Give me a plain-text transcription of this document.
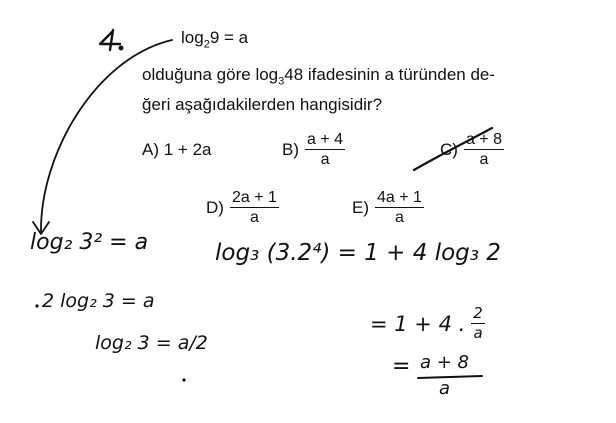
$\log_29 = a$
olduğuna göre $\log_348$ ifadesinin a türünden de-
ğeri aşağıdakilerden hangisidir?
A) 1 + 2a	$B) \frac{a + 4}{a}$	$C) \frac{a + 8}{a}$
$D) \frac{2a + 1}{a}$	$E) \frac{4a + 1}{a}$
log₂ 3² = a
2 log₂ 3 = a
log₂ 3 = a/2
log₃ (3.2⁴) = 1 + 4 log₃ 2
= 1 + 4 . $\frac{2}{a}$
= a + 8
a
